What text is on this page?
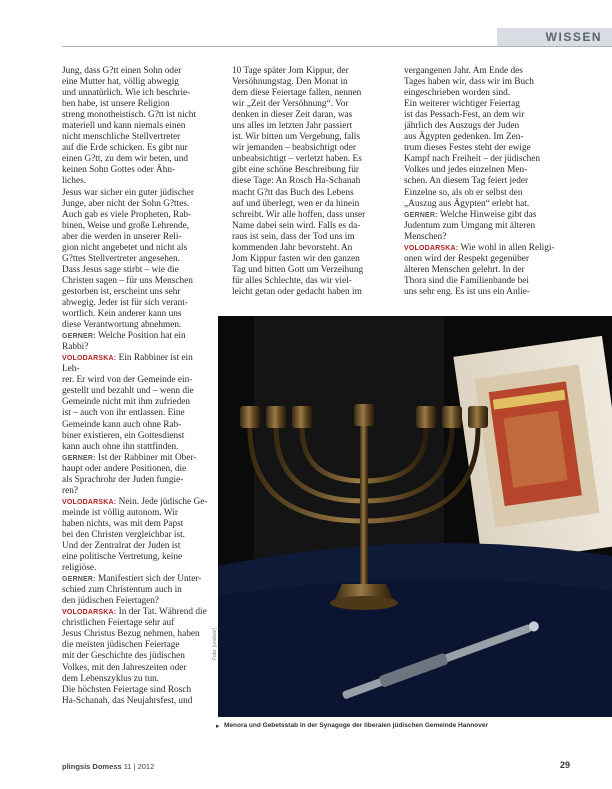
WISSEN

Jung, dass G?tt einen Sohn oder

eine Mutter hat, völlig abwegig

und unnatürlich. Wie ich beschrie-

ben habe, ist unsere Religion

streng monotheistisch. G?tt ist nicht

materiell und kann niemals einen

nicht menschliche Stellvertreter

auf die Erde schicken. Es gibt nur

einen G?tt, zu dem wir beten, und

keinen Sohn Gottes oder Ähn-

liches.

Jesus war sicher ein guter jüdischer

Junge, aber nicht der Sohn G?ttes.

Auch gab es viele Propheten, Rab-

binen, Weise und große Lehrende,

aber die werden in unserer Reli-

gion nicht angebetet und nicht als

G?ttes Stellvertreter angesehen.

Dass Jesus sage stirbt – wie die

Christen sagen – für uns Menschen

gestorben ist, erscheint uns sehr

abwegig. Jeder ist für sich verant-

wortlich. Kein anderer kann uns

diese Verantwortung abnehmen.

GERNER: Welche Position hat ein Rabbi?

VOLODARSKA: Ein Rabbiner ist ein Leh-

rer. Er wird von der Gemeinde ein-

gestellt und bezahlt und – wenn die

Gemeinde nicht mit ihm zufrieden

ist – auch von ihr entlassen. Eine

Gemeinde kann auch ohne Rab-

biner existieren, ein Gottesdienst

kann auch ohne ihn stattfinden.

GERNER: Ist der Rabbiner mit Ober-

haupt oder andere Positionen, die

als Sprachrohr der Juden fungie-

ren?

VOLODARSKA: Nein. Jede jüdische Ge-

meinde ist völlig autonom. Wir

haben nichts, was mit dem Papst

bei den Christen vergleichbar ist.

Und der Zentralrat der Juden ist

eine politische Vertretung, keine

religiöse.

GERNER: Manifestiert sich der Unter-

schied zum Christentum auch in

den jüdischen Feiertagen?

VOLODARSKA: In der Tat. Während die

christlichen Feiertage sehr auf

Jesus Christus Bezug nehmen, haben

die meisten jüdischen Feiertage

mit der Geschichte des jüdischen

Volkes, mit den Jahreszeiten oder

dem Lebenszyklus zu tun.

Die höchsten Feiertage sind Rosch

Ha-Schanah, das Neujahrsfest, und

10 Tage später Jom Kippur, der

Versöhnungstag. Den Monat in

dem diese Feiertage fallen, nennen

wir „Zeit der Versöhnung“. Vor

denken in dieser Zeit daran, was

uns alles im letzten Jahr passiert

ist. Wir bitten um Vergebung, falls

wir jemanden – beabsichtigt oder

unbeabsichtigt – verletzt haben. Es

gibt eine schöne Beschreibung für

diese Tage: An Rosch Ha-Schanah

macht G?tt das Buch des Lebens

auf und überlegt, wen er da hinein

schreibt. Wir alle hoffen, dass unser

Name dabei sein wird. Falls es da-

raus ist sein, dass der Tod uns im

kommenden Jahr bevorsteht. An

Jom Kippur fasten wir den ganzen

Tag und bitten Gott um Verzeihung

für alles Schlechte, das wir viel-

leicht getan oder gedacht haben im

vergangenen Jahr. Am Ende des

Tages haben wir, dass wir im Buch

eingeschrieben worden sind.

Ein weiterer wichtiger Feiertag

ist das Pessach-Fest, an dem wir

jährlich des Auszugs der Juden

aus Ägypten gedenken. Im Zen-

trum dieses Festes steht der ewige

Kampf nach Freiheit – der jüdischen

Volkes und jedes einzelnen Men-

schen. An diesem Tag feiert jeder

Einzelne so, als ob er selbst den

„Auszug aus Ägypten“ erlebt hat.

GERNER: Welche Hinweise gibt das

Judentum zum Umgang mit älteren

Menschen?

VOLODARSKA: Wie wohl in allen Religi-

onen wird der Respekt gegenüber

älteren Menschen gelehrt. In der

Thora sind die Familienbande bei

uns sehr eng. Es ist uns ein Anlie-

Foto: [unclear]
▸ Menora und Gebetsstab in der Synagoge der liberalen jüdischen Gemeinde Hannover
plingsis Domess 11 | 2012	29
